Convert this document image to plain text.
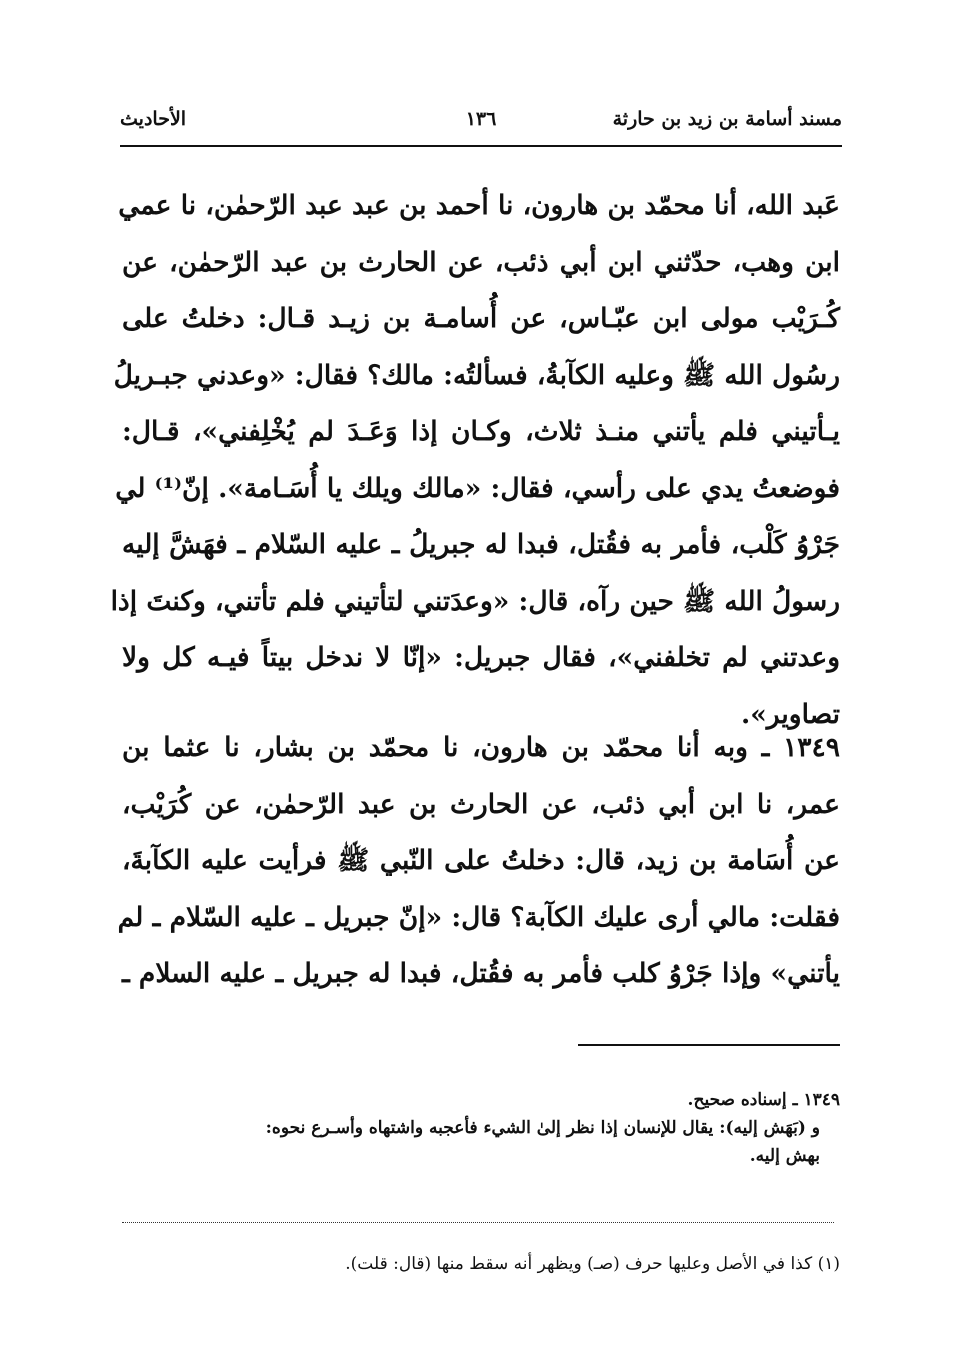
مسند أسامة بن زيد بن حارثة
١٣٦
الأحاديث
عَبد الله، أنا محمّد بن هارون، نا أحمد بن عبد عبد الرّحمٰن، نا عمي
ابن وهب، حدّثني ابن أبي ذئب، عن الحارث بن عبد الرّحمٰن، عن
كُـرَيْب مولى ابن عبّـاس، عن أُسامـة بن زيـد قـال: دخلتُ على
رسُول الله ﷺ وعليه الكآبةُ، فسألتُه: مالك؟ فقال: «وعدني جبـريلُ
يـأتيني فلم يأتني منـذ ثلاث، وكـان إذا وَعَـدَ لم يُخْلِفني»، قـال:
فوضعتُ يدي على رأسي، فقال: «مالك ويلك يا أُسَـامة». إنّ⁽¹⁾ لي
جَرْوُ كَلْب، فأمر به فقُتل، فبدا له جبريلُ ـ عليه السّلام ـ فهَشَّ إليه
رسولُ الله ﷺ حين رآه، قال: «وعدَتني لتأتيني فلم تأتني، وكنتَ إذا
وعدتني لم تخلفني»، فقال جبريل: «إنّا لا ندخل بيتاً فيـه كل ولا
تصاوير».
١٣٤٩ ـ وبه أنا محمّد بن هارون، نا محمّد بن بشار، نا عثما بن
عمر، نا ابن أبي ذئب، عن الحارث بن عبد الرّحمٰن، عن كُرَيْب،
عن أُسَامة بن زيد، قال: دخلتُ على النّبي ﷺ فرأيت عليه الكآبةَ،
فقلت: مالي أرى عليك الكآبة؟ قال: «إنّ جبريل ـ عليه السّلام ـ لم
يأتني» وإذا جَرْوُ كلب فأمر به فقُتل، فبدا له جبريل ـ عليه السلام ـ
١٣٤٩ ـ إسناده صحيح.
و (بَهَش إليه): يقال للإنسان إذا نظر إلىٰ الشيء فأعجبه واشتهاه وأسـرع نحوه:
بهش إليه.
(١) كذا في الأصل وعليها حرف (صـ) ويظهر أنه سقط منها (قال: قلت).
